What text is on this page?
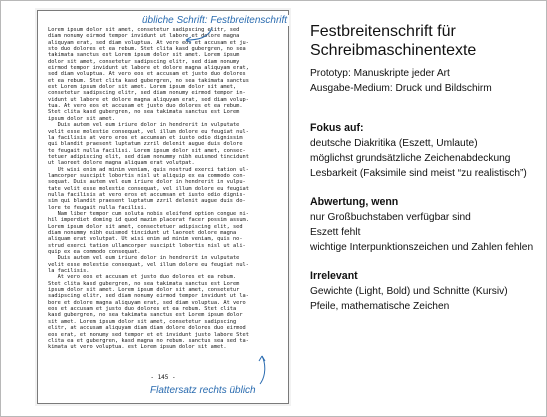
Lorem ipsum dolor sit amet, consetetur sadipscing elitr, sed
diam nonumy eirmod tempor invidunt ut labore et dolore magna
aliquyam erat, sed diam voluptua. At vero eos et accusam et ju-
sto duo dolores et ea rebum. Stet clita kasd gubergren, no sea
takimata sanctus est Lorem ipsum dolor sit amet. Lorem ipsum
dolor sit amet, consetetur sadipscing elitr, sed diam nonumy
eirmod tempor invidunt ut labore et dolore magna aliquyam erat,
sed diam voluptua. At vero eos et accusam et justo duo dolores
et ea rebum. Stet clita kasd gubergren, no sea takimata sanctus
est Lorem ipsum dolor sit amet. Lorem ipsum dolor sit amet,
consetetur sadipscing elitr, sed diam nonumy eirmod tempor in-
vidunt ut labore et dolore magna aliquyam erat, sed diam volup-
tua. At vero eos et accusam et justo duo dolores et ea rebum.
Stet clita kasd gubergren, no sea takimata sanctus est Lorem
ipsum dolor sit amet.
Duis autem vel eum iriure dolor in hendrerit in vulputate
velit esse molestie consequat, vel illum dolore eu feugiat nul-
la facilisis at vero eros et accumsan et iusto odio dignissim
qui blandit praesent luptatum zzril delenit augue duis dolore
te feugait nulla facilisi. Lorem ipsum dolor sit amet, consec-
tetuer adipiscing elit, sed diam nonummy nibh euismod tincidunt
ut laoreet dolore magna aliquam erat volutpat.
Ut wisi enim ad minim veniam, quis nostrud exerci tation ul-
lamcorper suscipit lobortis nisl ut aliquip ex ea commodo con-
sequat. Duis autem vel eum iriure dolor in hendrerit in vulpu-
tate velit esse molestie consequat, vel illum dolore eu feugiat
nulla facilisis at vero eros et accumsan et iusto odio dignis-
sim qui blandit praesent luptatum zzril delenit augue duis do-
lore te feugait nulla facilisi.
Nam liber tempor cum soluta nobis eleifend option congue ni-
hil imperdiet doming id quod mazim placerat facer possim assum.
Lorem ipsum dolor sit amet, consectetuer adipiscing elit, sed
diam nonummy nibh euismod tincidunt ut laoreet dolore magna
aliquam erat volutpat. Ut wisi enim ad minim veniam, quis no-
strud exerci tation ullamcorper suscipit lobortis nisl ut ali-
quip ex ea commodo consequat.
Duis autem vel eum iriure dolor in hendrerit in vulputate
velit esse molestie consequat, vel illum dolore eu feugiat nul-
la facilisis.
At vero eos et accusam et justo duo dolores et ea rebum.
Stet clita kasd gubergren, no sea takimata sanctus est Lorem
ipsum dolor sit amet. Lorem ipsum dolor sit amet, consetetur
sadipscing elitr, sed diam nonumy eirmod tempor invidunt ut la-
bore et dolore magna aliquyam erat, sed diam voluptua. At vero
eos et accusam et justo duo dolores et ea rebum. Stet clita
kasd gubergren, no sea takimata sanctus est Lorem ipsum dolor
sit amet. Lorem ipsum dolor sit amet, consetetur sadipscing
elitr, at accusam aliquyam diam diam dolore dolores duo eirmod
eos erat, et nonumy sed tempor et et invidunt justo labore Stet
clita ea et gubergren, kasd magna no rebum. sanctus sea sed ta-
kimata ut vero voluptua. est Lorem ipsum dolor sit amet.
- 145 -
übliche Schrift: Festbreitenschrift
Flattersatz rechts üblich

Festbreitenschrift für

Schreibmaschinentexte

Prototyp: Manuskripte jeder Art

Ausgabe-Medium: Druck und Bildschirm

Fokus auf:

deutsche Diakritika (Eszett, Umlaute)

möglichst grundsätzliche Zeichenabdeckung

Lesbarkeit (Faksimile sind meist “zu realistisch”)

Abwertung, wenn

nur Großbuchstaben verfügbar sind

Eszett fehlt

wichtige Interpunktionszeichen und Zahlen fehlen

Irrelevant

Gewichte (Light, Bold) und Schnitte (Kursiv)

Pfeile, mathematische Zeichen
